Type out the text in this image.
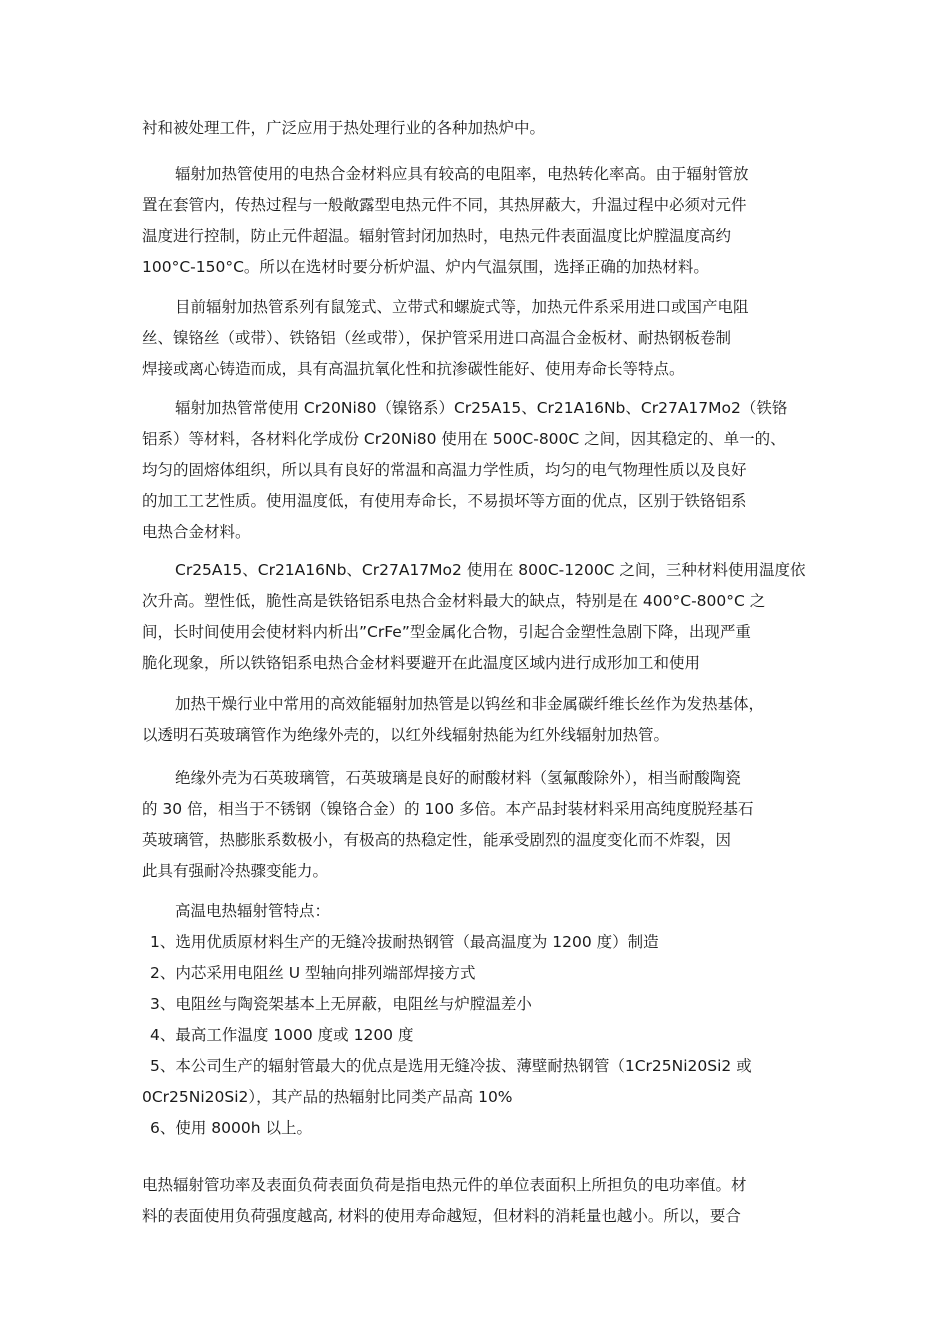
衬和被处理工件，广泛应用于热处理行业的各种加热炉中。
辐射加热管使用的电热合金材料应具有较高的电阻率，电热转化率高。由于辐射管放
置在套管内，传热过程与一般敞露型电热元件不同，其热屏蔽大，升温过程中必须对元件
温度进行控制，防止元件超温。辐射管封闭加热时，电热元件表面温度比炉膛温度高约
100°C-150°C。所以在选材时要分析炉温、炉内气温氛围，选择正确的加热材料。
目前辐射加热管系列有鼠笼式、立带式和螺旋式等，加热元件系采用进口或国产电阻
丝、镍铬丝（或带）、铁铬铝（丝或带），保护管采用进口高温合金板材、耐热钢板卷制
焊接或离心铸造而成，具有高温抗氧化性和抗渗碳性能好、使用寿命长等特点。
辐射加热管常使用 Cr20Ni80（镍铬系）Cr25A15、Cr21A16Nb、Cr27A17Mo2（铁铬
铝系）等材料，各材料化学成份 Cr20Ni80 使用在 500C-800C 之间，因其稳定的、单一的、
均匀的固熔体组织，所以具有良好的常温和高温力学性质，均匀的电气物理性质以及良好
的加工工艺性质。使用温度低，有使用寿命长，不易损坏等方面的优点，区别于铁铬铝系
电热合金材料。
Cr25A15、Cr21A16Nb、Cr27A17Mo2 使用在 800C-1200C 之间，三种材料使用温度依
次升高。塑性低，脆性高是铁铬铝系电热合金材料最大的缺点，特别是在 400°C-800°C 之
间，长时间使用会使材料内析出”CrFe”型金属化合物，引起合金塑性急剧下降，出现严重
脆化现象，所以铁铬铝系电热合金材料要避开在此温度区域内进行成形加工和使用
加热干燥行业中常用的高效能辐射加热管是以钨丝和非金属碳纤维长丝作为发热基体，
以透明石英玻璃管作为绝缘外壳的，以红外线辐射热能为红外线辐射加热管。
绝缘外壳为石英玻璃管，石英玻璃是良好的耐酸材料（氢氟酸除外），相当耐酸陶瓷
的 30 倍，相当于不锈钢（镍铬合金）的 100 多倍。本产品封装材料采用高纯度脱羟基石
英玻璃管，热膨胀系数极小，有极高的热稳定性，能承受剧烈的温度变化而不炸裂，因
此具有强耐冷热骤变能力。
高温电热辐射管特点：
1、选用优质原材料生产的无缝冷拔耐热钢管（最高温度为 1200 度）制造
2、内芯采用电阻丝 U 型轴向排列端部焊接方式
3、电阻丝与陶瓷架基本上无屏蔽，电阻丝与炉膛温差小
4、最高工作温度 1000 度或 1200 度
5、本公司生产的辐射管最大的优点是选用无缝冷拔、薄壁耐热钢管（1Cr25Ni20Si2 或
0Cr25Ni20Si2），其产品的热辐射比同类产品高 10%
6、使用 8000h 以上。
电热辐射管功率及表面负荷表面负荷是指电热元件的单位表面积上所担负的电功率值。材
料的表面使用负荷强度越高, 材料的使用寿命越短，但材料的消耗量也越小。所以，要合
